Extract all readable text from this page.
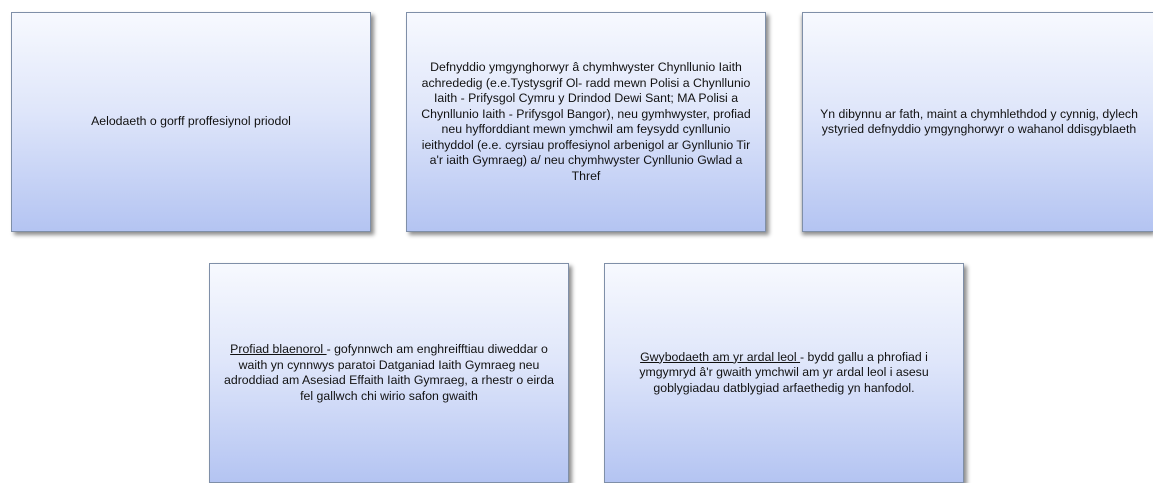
Aelodaeth o gorff proffesiynol priodol
Defnyddio ymgynghorwyr â chymhwyster Chynllunio Iaith achrededig (e.e.Tystysgrif Ol- radd mewn Polisi a Chynllunio Iaith - Prifysgol Cymru y Drindod Dewi Sant; MA Polisi a Chynllunio Iaith - Prifysgol Bangor), neu gymhwyster, profiad neu hyfforddiant mewn ymchwil am feysydd cynllunio ieithyddol (e.e. cyrsiau proffesiynol arbenigol ar Gynllunio Tir a'r iaith Gymraeg) a/ neu chymhwyster Cynllunio Gwlad a Thref
Yn dibynnu ar fath, maint a chymhlethdod y cynnig, dylech ystyried defnyddio ymgynghorwyr o wahanol ddisgyblaeth
Profiad blaenorol - gofynnwch am enghreifftiau diweddar o waith yn cynnwys paratoi Datganiad Iaith Gymraeg neu adroddiad am Asesiad Effaith Iaith Gymraeg, a rhestr o eirda fel gallwch chi wirio safon gwaith
Gwybodaeth am yr ardal leol - bydd gallu a phrofiad i ymgymryd â'r gwaith ymchwil am yr ardal leol i asesu goblygiadau datblygiad arfaethedig yn hanfodol.
